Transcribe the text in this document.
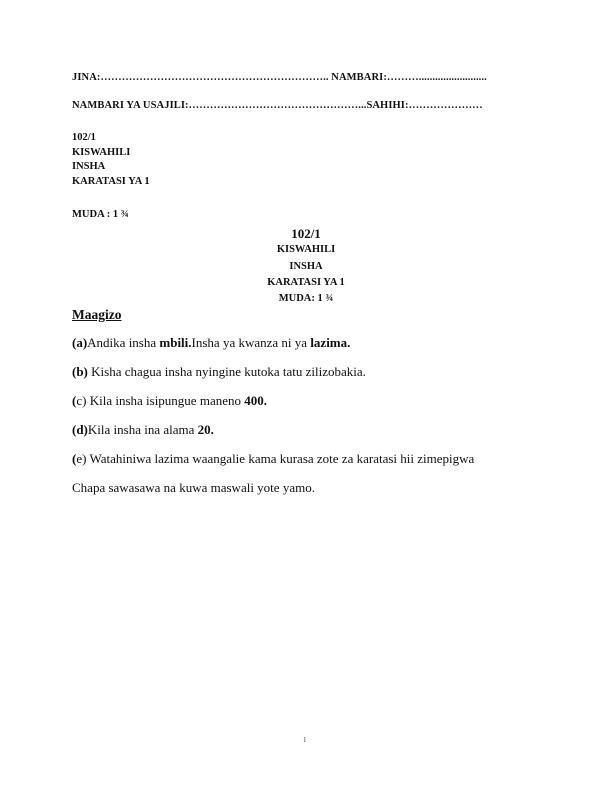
JINA:……………………………………………………….. NAMBARI:……….........................
NAMBARI YA USAJILI:…………………………………………...SAHIHI:…………………
102/1
KISWAHILI
INSHA
KARATASI YA 1
MUDA : 1 ¾
102/1
KISWAHILI
INSHA
KARATASI YA 1
MUDA: 1 ¾
Maagizo
(a)Andika insha mbili.Insha ya kwanza ni ya lazima.
(b) Kisha chagua insha nyingine kutoka tatu zilizobakia.
(c) Kila insha isipungue maneno 400.
(d)Kila insha ina alama 20.
(e) Watahiniwa lazima waangalie kama kurasa zote za karatasi hii zimepigwa
Chapa sawasawa na kuwa maswali yote yamo.
1
